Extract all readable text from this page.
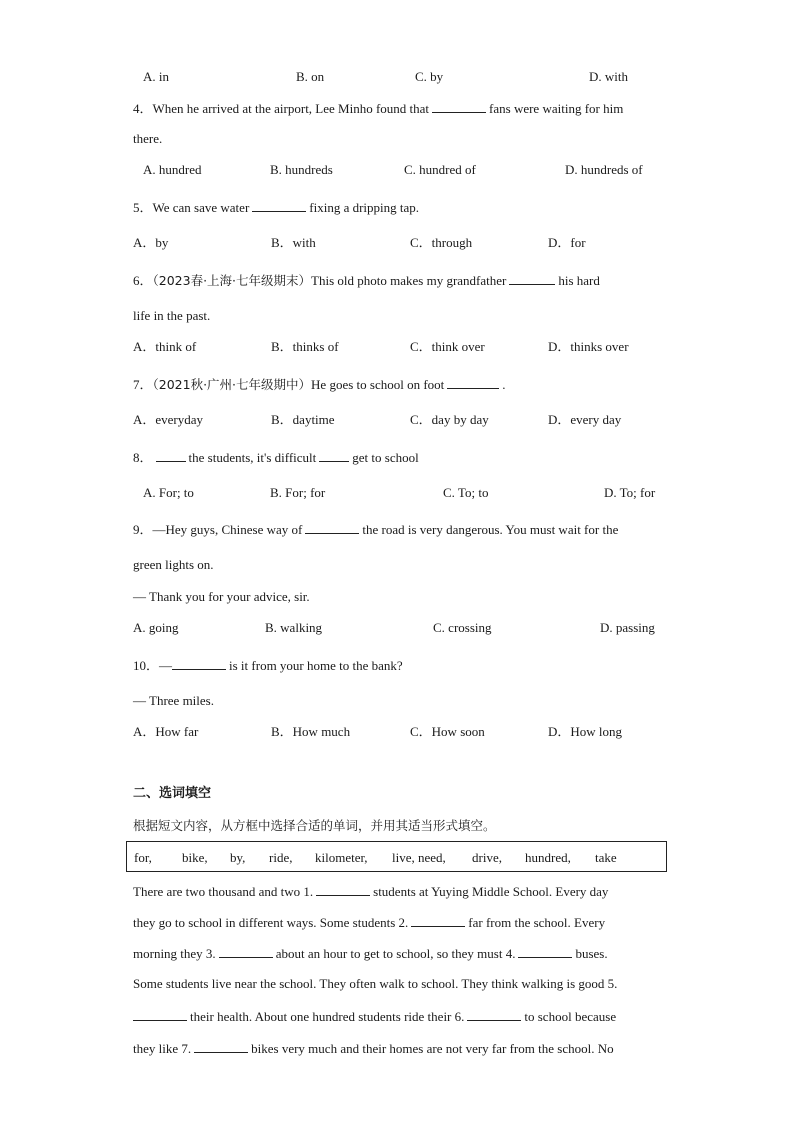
A. in	B. on	C. by	D. with
4．When he arrived at the airport, Lee Minho found that	fans were waiting for him
there.
A. hundred	B. hundreds	C. hundred of	D. hundreds of
5．We can save water	fixing a dripping tap.
A．by	B．with	C．through	D．for
6．（2023春·上海·七年级期末）This old photo makes my grandfather	his hard
life in the past.
A．think of	B．thinks of	C．think over	D．thinks over
7．（2021秋·广州·七年级期中）He goes to school on foot	.
A．everyday	B．daytime	C．day by day	D．every day
8．	the students, it's difficult	get to school
A. For; to	B. For; for	C. To; to	D. To; for
9．—Hey guys, Chinese way of	the road is very dangerous. You must wait for the
green lights on.
— Thank you for your advice, sir.
A. going	B. walking	C. crossing	D. passing
10．—	is it from your home to the bank?
— Three miles.
A．How far	B．How much	C．How soon	D．How long
二、选词填空
根据短文内容，从方框中选择合适的单词，并用其适当形式填空。
for, bike, by, ride, kilometer, live, need, drive, hundred, take
There are two thousand and two 1.	students at Yuying Middle School. Every day
they go to school in different ways. Some students 2.	far from the school. Every
morning they 3.	about an hour to get to school, so they must 4.	buses.
Some students live near the school. They often walk to school. They think walking is good 5.
their health. About one hundred students ride their 6.	to school because
they like 7.	bikes very much and their homes are not very far from the school. No
